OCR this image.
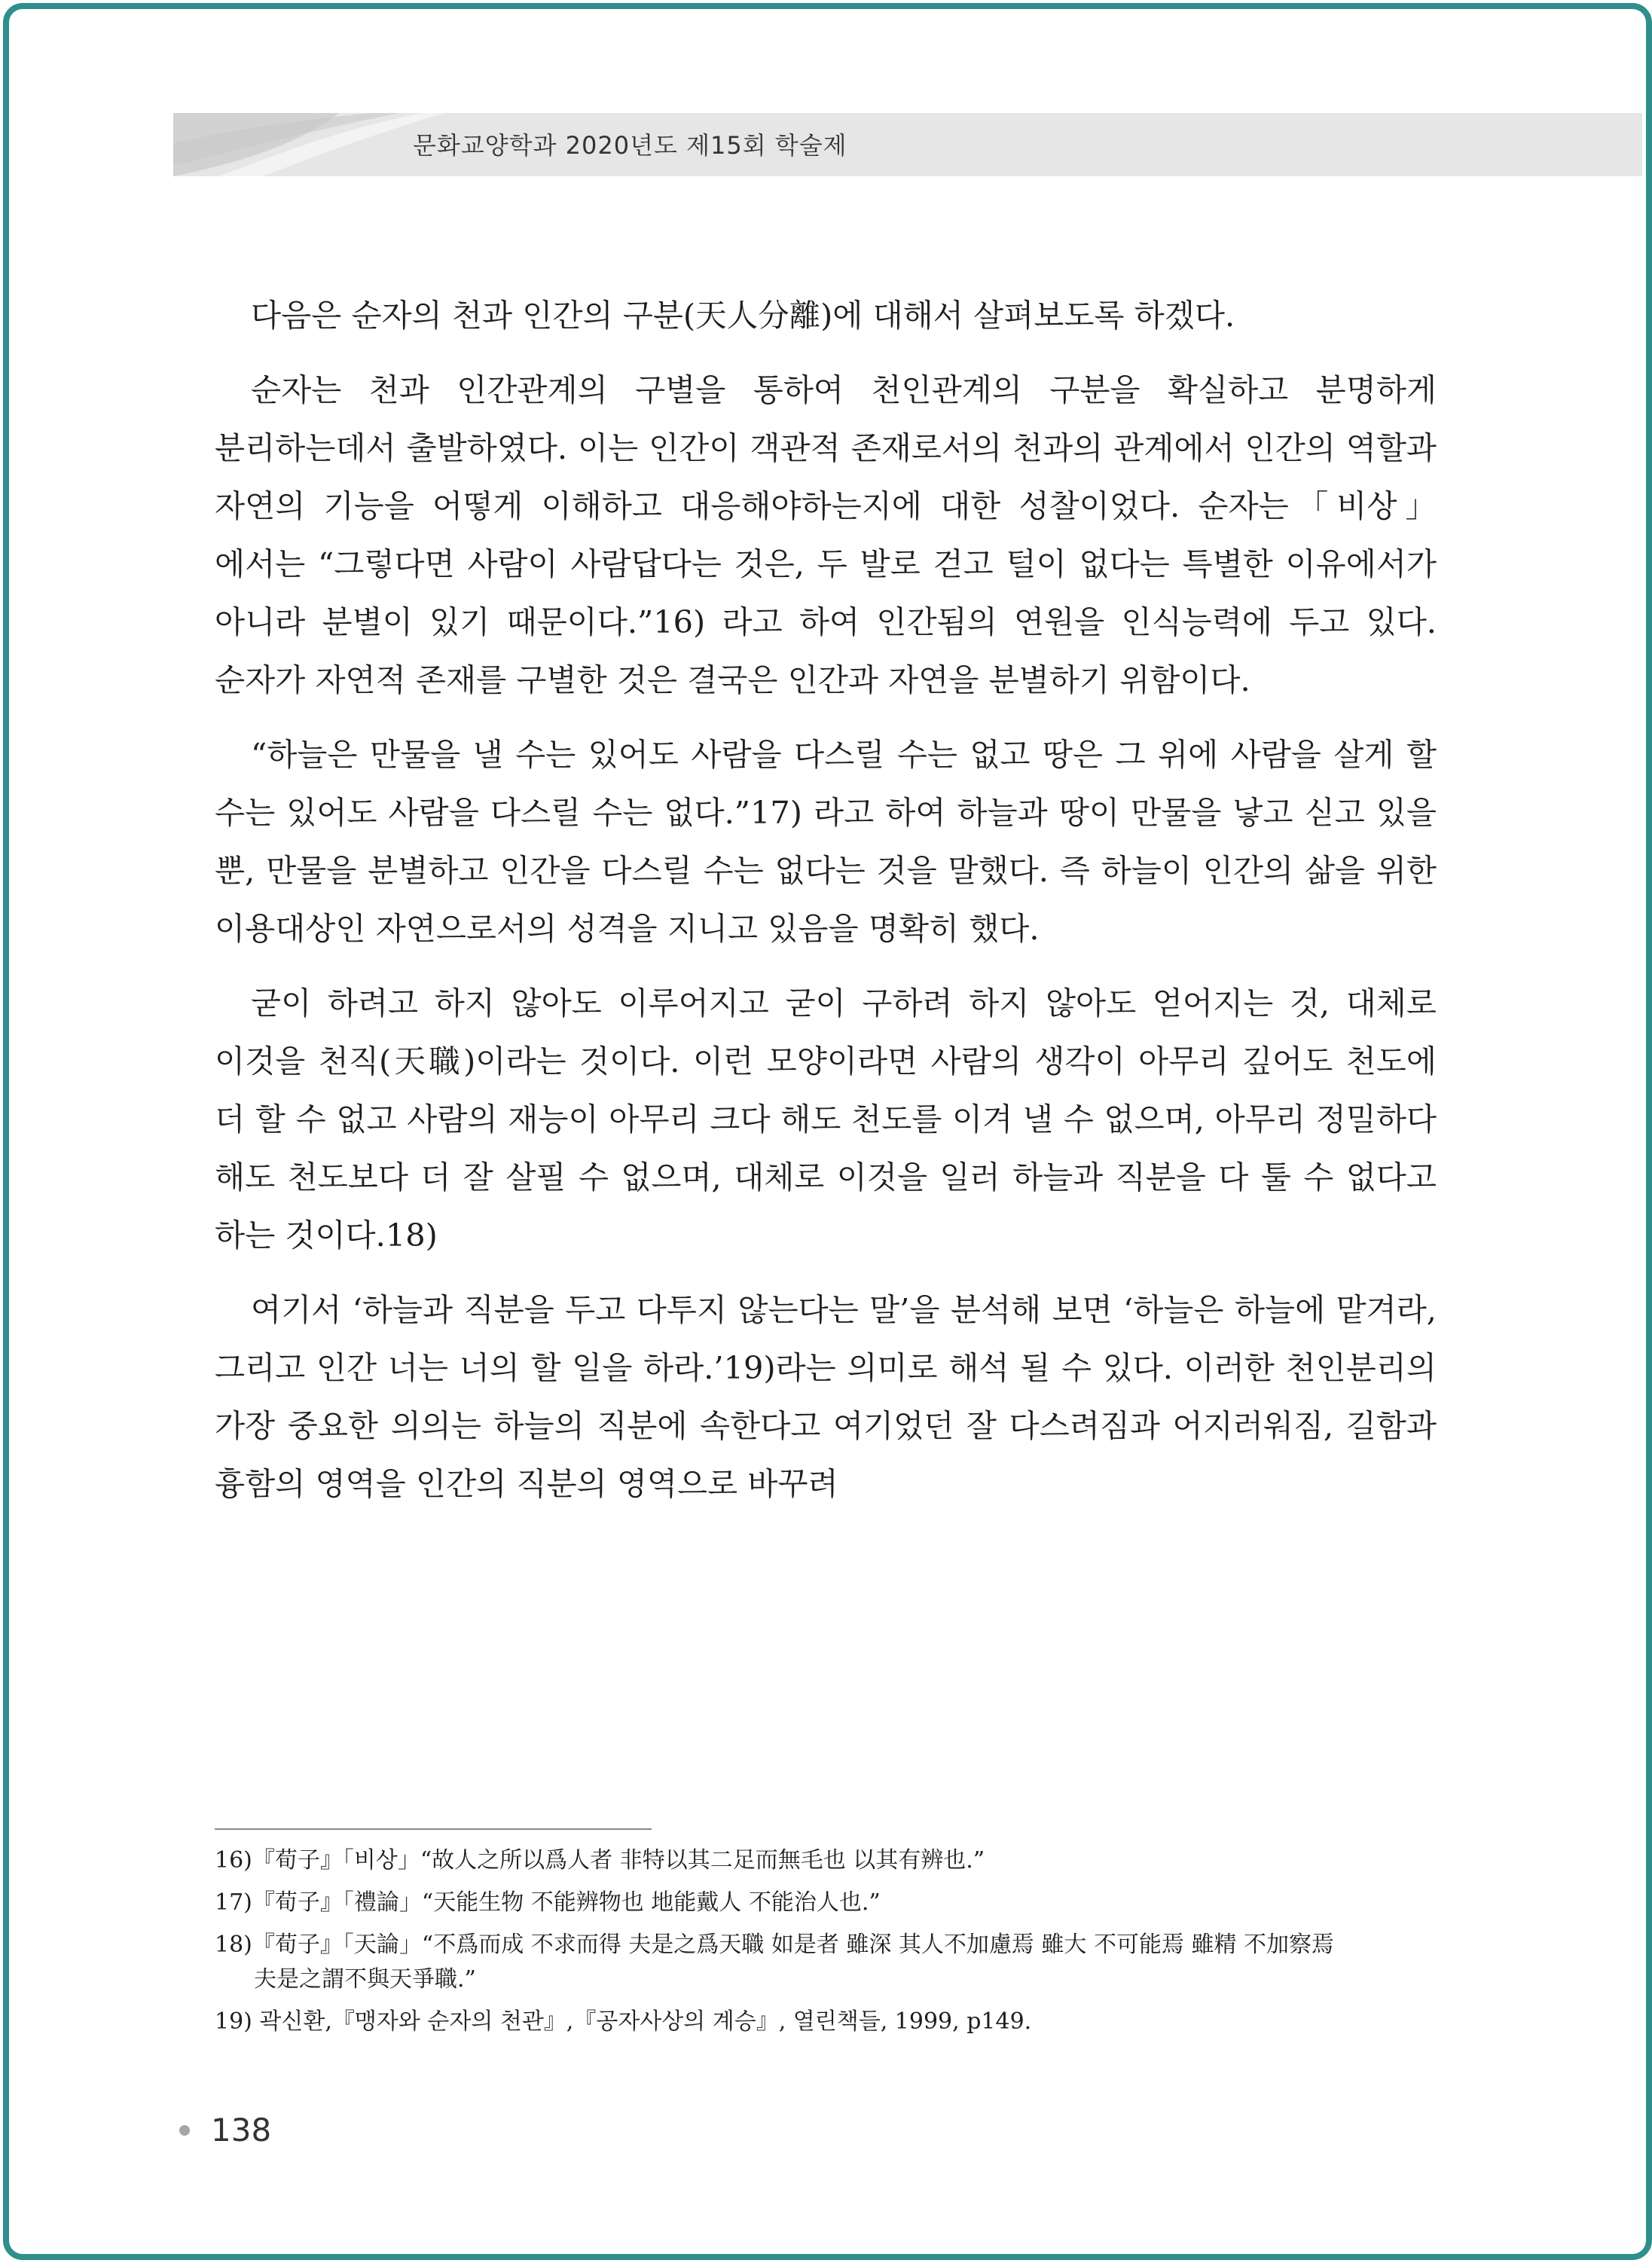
문화교양학과 2020년도 제15회 학술제

다음은 순자의 천과 인간의 구분(天人分離)에 대해서 살펴보도록 하겠다.

순자는 천과 인간관계의 구별을 통하여 천인관계의 구분을 확실하고 분명하게 분리하는데서 출발하였다. 이는 인간이 객관적 존재로서의 천과의 관계에서 인간의 역할과 자연의 기능을 어떻게 이해하고 대응해야하는지에 대한 성찰이었다. 순자는「비상」에서는 “그렇다면 사람이 사람답다는 것은, 두 발로 걷고 털이 없다는 특별한 이유에서가 아니라 분별이 있기 때문이다.”16) 라고 하여 인간됨의 연원을 인식능력에 두고 있다. 순자가 자연적 존재를 구별한 것은 결국은 인간과 자연을 분별하기 위함이다.

“하늘은 만물을 낼 수는 있어도 사람을 다스릴 수는 없고 땅은 그 위에 사람을 살게 할 수는 있어도 사람을 다스릴 수는 없다.”17) 라고 하여 하늘과 땅이 만물을 낳고 싣고 있을 뿐, 만물을 분별하고 인간을 다스릴 수는 없다는 것을 말했다. 즉 하늘이 인간의 삶을 위한 이용대상인 자연으로서의 성격을 지니고 있음을 명확히 했다.

굳이 하려고 하지 않아도 이루어지고 굳이 구하려 하지 않아도 얻어지는 것, 대체로 이것을 천직(天職)이라는 것이다. 이런 모양이라면 사람의 생각이 아무리 깊어도 천도에 더 할 수 없고 사람의 재능이 아무리 크다 해도 천도를 이겨 낼 수 없으며, 아무리 정밀하다 해도 천도보다 더 잘 살필 수 없으며, 대체로 이것을 일러 하늘과 직분을 다 툴 수 없다고 하는 것이다.18)

여기서 ‘하늘과 직분을 두고 다투지 않는다는 말’을 분석해 보면 ‘하늘은 하늘에 맡겨라, 그리고 인간 너는 너의 할 일을 하라.’19)라는 의미로 해석 될 수 있다. 이러한 천인분리의 가장 중요한 의의는 하늘의 직분에 속한다고 여기었던 잘 다스려짐과 어지러워짐, 길함과 흉함의 영역을 인간의 직분의 영역으로 바꾸려

16)『荀子』「비상」“故人之所以爲人者 非特以其二足而無毛也 以其有辨也.”

17)『荀子』「禮論」“天能生物 不能辨物也 地能戴人 不能治人也.”

18)『荀子』「天論」“不爲而成 不求而得 夫是之爲天職 如是者 雖深 其人不加慮焉 雖大 不可能焉 雖精 不加察焉 夫是之謂不與天爭職.”

19) 곽신환,『맹자와 순자의 천관』,『공자사상의 계승』, 열린책들, 1999, p149.

138
